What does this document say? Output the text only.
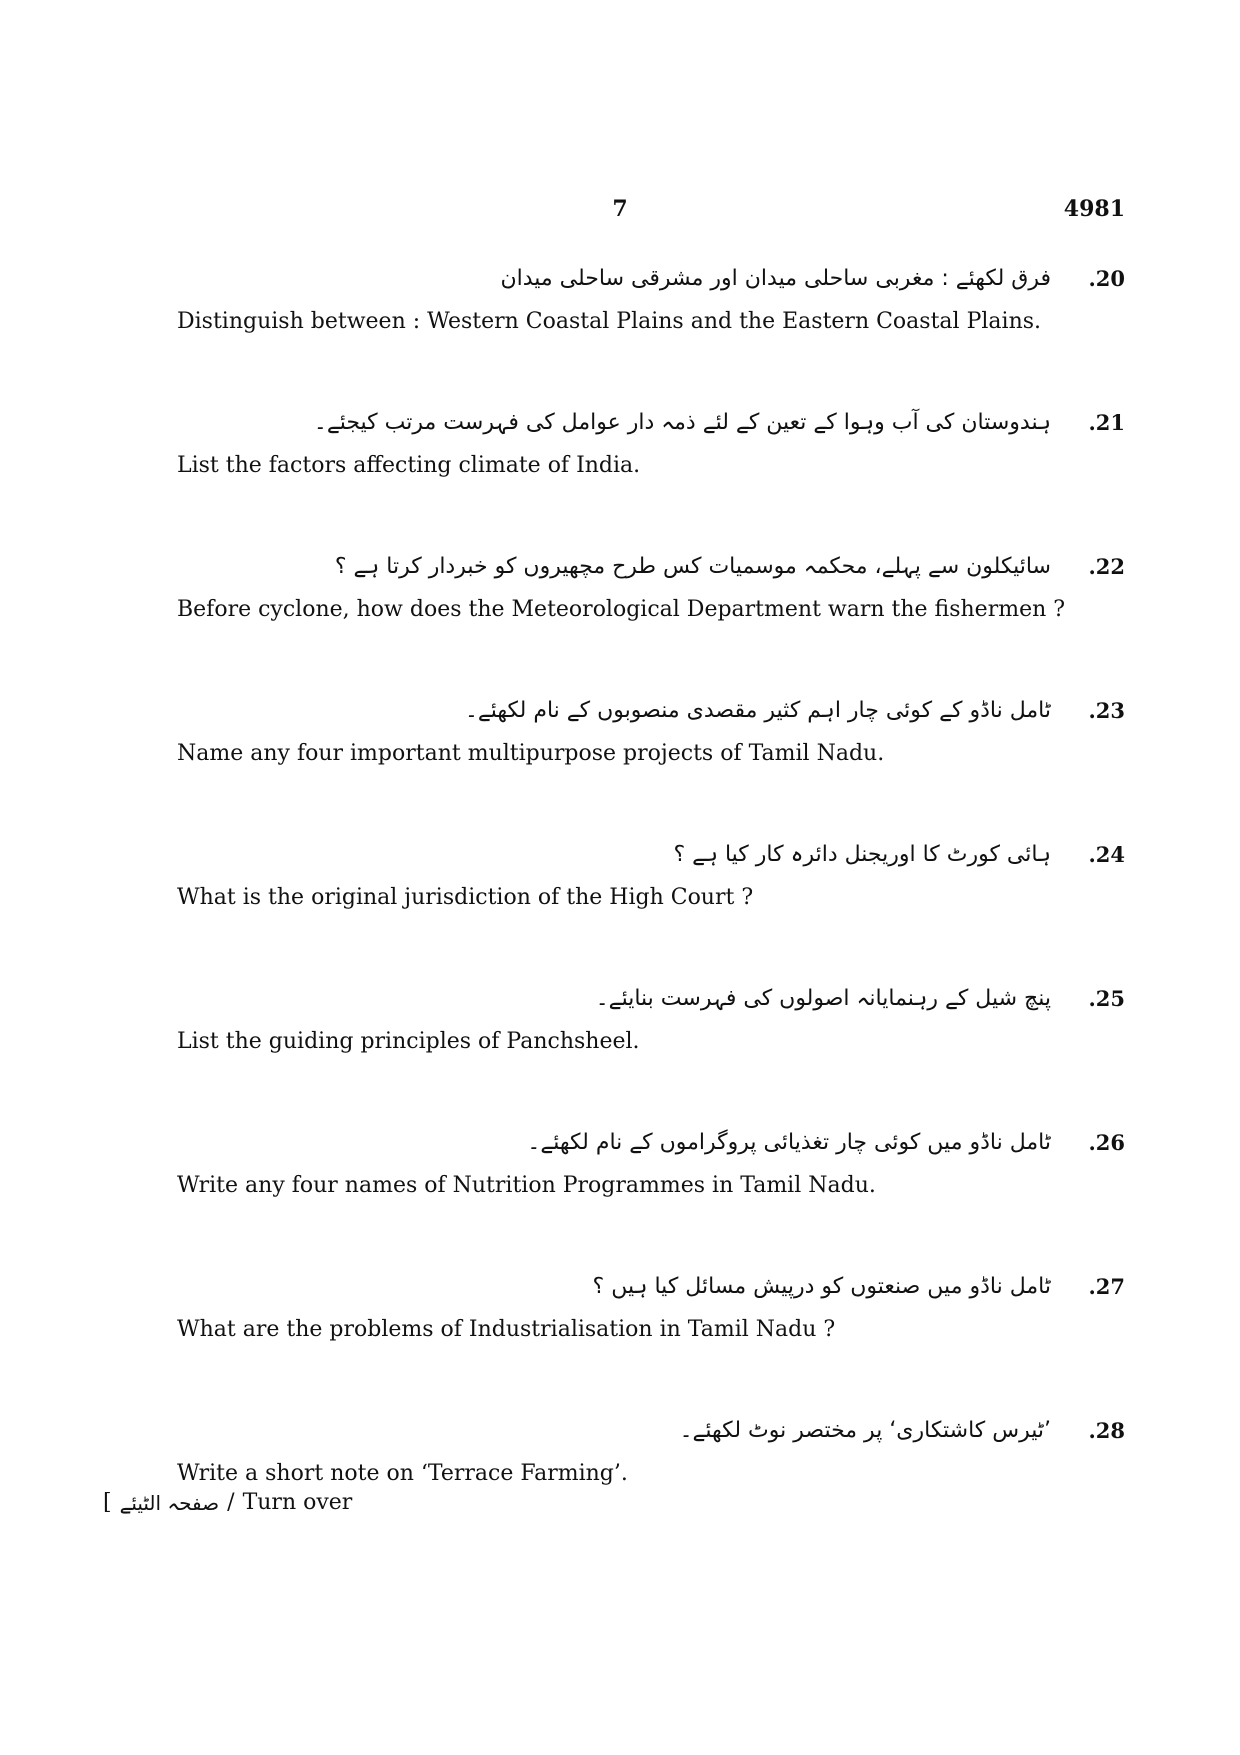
7	4981
.20
فرق لکھئے : مغربی ساحلی میدان اور مشرقی ساحلی میدان
Distinguish between : Western Coastal Plains and the Eastern Coastal Plains.
.21
ہندوستان کی آب وہوا کے تعین کے لئے ذمہ دار عوامل کی فہرست مرتب کیجئے۔
List the factors affecting climate of India.
.22
سائیکلون سے پہلے، محکمہ موسمیات کس طرح مچھیروں کو خبردار کرتا ہے ؟
Before cyclone, how does the Meteorological Department warn the fishermen ?
.23
ٹامل ناڈو کے کوئی چار اہم کثیر مقصدی منصوبوں کے نام لکھئے۔
Name any four important multipurpose projects of Tamil Nadu.
.24
ہائی کورٹ کا اوریجنل دائرہ کار کیا ہے ؟
What is the original jurisdiction of the High Court ?
.25
پنچ شیل کے رہنمایانہ اصولوں کی فہرست بنایئے۔
List the guiding principles of Panchsheel.
.26
ٹامل ناڈو میں کوئی چار تغذیائی پروگراموں کے نام لکھئے۔
Write any four names of Nutrition Programmes in Tamil Nadu.
.27
ٹامل ناڈو میں صنعتوں کو درپیش مسائل کیا ہیں ؟
What are the problems of Industrialisation in Tamil Nadu ?
.28
’ٹیرس کاشتکاری‘ پر مختصر نوٹ لکھئے۔
Write a short note on ‘Terrace Farming’.
[ صفحہ الٹیئے / Turn over
